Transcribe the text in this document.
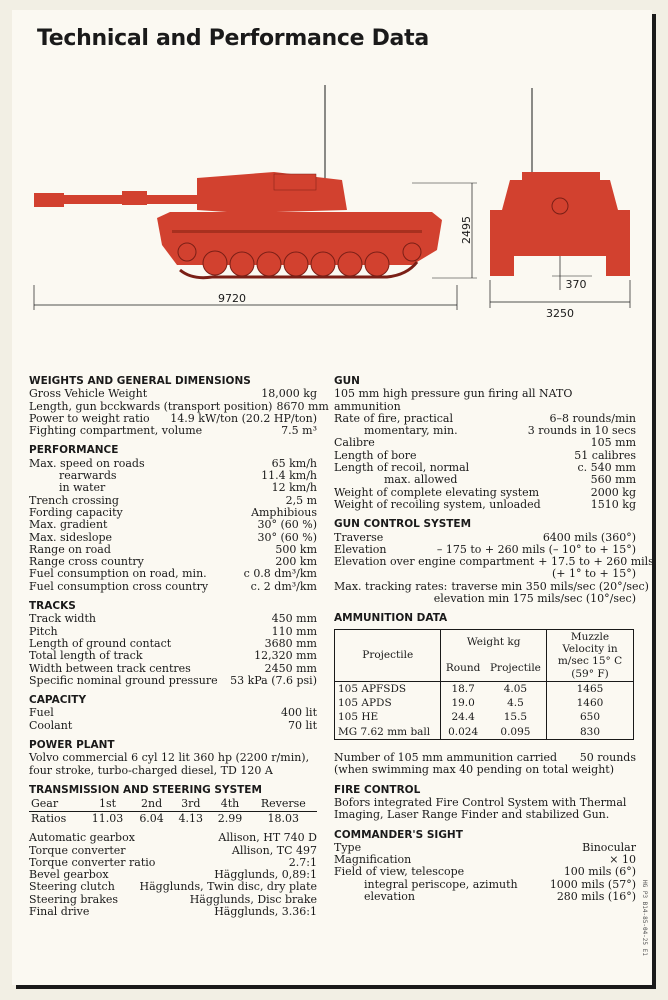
Technical and Performance Data
9720
2495
370
3250
WEIGHTS AND GENERAL DIMENSIONS
Gross Vehicle Weight	18,000 kg
Length, gun bcckwards (transport position) 8670 mm
Power to weight ratio	14.9 kW/ton (20.2 HP/ton)
Fighting compartment, volume	7.5 m³
PERFORMANCE
Max. speed on roads	65 km/h
rearwards	11.4 km/h
in water	12 km/h
Trench crossing	2,5 m
Fording capacity	Amphibious
Max. gradient	30° (60 %)
Max. sideslope	30° (60 %)
Range on road	500 km
Range cross country	200 km
Fuel consumption on road, min.	c 0.8 dm³/km
Fuel consumption cross country	c. 2 dm³/km
TRACKS
Track width	450 mm
Pitch	110 mm
Length of ground contact	3680 mm
Total length of track	12,320 mm
Width between track centres	2450 mm
Specific nominal ground pressure	53 kPa (7.6 psi)
CAPACITY
Fuel	400 lit
Coolant	70 lit
POWER PLANT
Volvo commercial 6 cyl 12 lit 360 hp (2200 r/min), four stroke, turbo-charged diesel, TD 120 A
TRANSMISSION AND STEERING SYSTEM
Gear	1st	2nd	3rd	4th	Reverse
Ratios	11.03	6.04	4.13	2.99	18.03
Automatic gearbox	Allison, HT 740 D
Torque converter	Allison, TC 497
Torque converter ratio	2.7:1
Bevel gearbox	Hägglunds, 0,89:1
Steering clutch	Hägglunds, Twin disc, dry plate
Steering brakes	Hägglunds, Disc brake
Final drive	Hägglunds, 3.36:1
GUN
105 mm high pressure gun firing all NATO ammunition
Rate of fire, practical	6–8 rounds/min
momentary, min.	3 rounds in 10 secs
Calibre	105 mm
Length of bore	51 calibres
Length of recoil, normal	c. 540 mm
max. allowed	560 mm
Weight of complete elevating system	2000 kg
Weight of recoiling system, unloaded	1510 kg
GUN CONTROL SYSTEM
Traverse	6400 mils (360°)
Elevation	– 175 to + 260 mils (– 10° to + 15°)
Elevation over engine compartment + 17.5 to + 260 mils
(+ 1° to + 15°)
Max. tracking rates: traverse min 350 mils/sec (20°/sec)
elevation min 175 mils/sec (10°/sec)
AMMUNITION DATA
Projectile	Weight kg		Muzzle Velocity in m/sec 15° C (59° F)
	Round	Projectile	
105 APFSDS	18.7	4.05	1465
105 APDS	19.0	4.5	1460
105 HE	24.4	15.5	650
MG 7.62 mm ball	0.024	0.095	830
Number of 105 mm ammunition carried	50 rounds
(when swimming max 40 pending on total weight)
FIRE CONTROL
Bofors integrated Fire Control System with Thermal Imaging, Laser Range Finder and stabilized Gun.
COMMANDER'S SIGHT
Type	Binocular
Magnification	× 10
Field of view, telescope	100 mils (6°)
integral periscope, azimuth	1000 mils (57°)
elevation	280 mils (16°) HG P3 B14-85-04-25 E1
